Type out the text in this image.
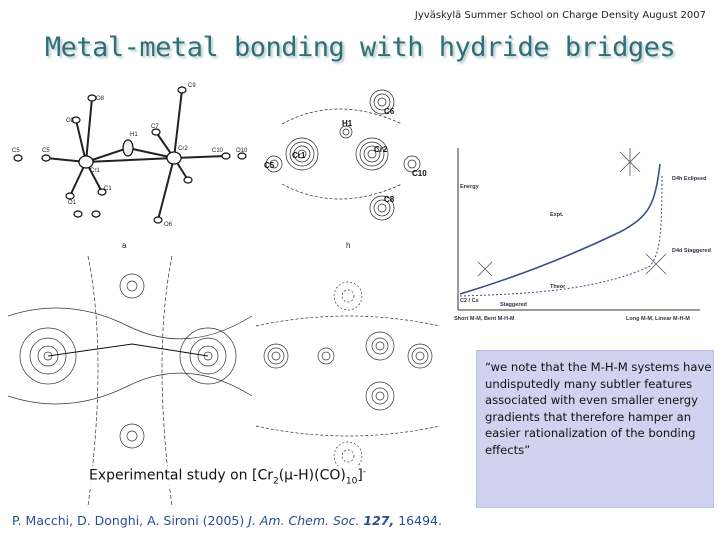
Jyväskylä Summer School on Charge Density August 2007
Metal-metal bonding with hydride bridges
C9
O8
O3
C7
H1
C5	C5	C10 O10
Cr1
Cr2
C1
O1
O6
a
C6
H1
Cr1
Cr2
C5
C10
C8
h
Energy
D4h Eclipsed
Expt.
D4d Staggered
Theor
C2 / Cs
Staggered
Short M-M, Bent M-H-M	Long M-M, Linear M-H-M
Experimental study on $[Cr_2(\mu-H)(CO)_{10}]^-$
“we note that the M-H-M systems have undisputedly many subtler features associated with even smaller energy gradients that therefore hamper an easier rationalization of the bonding effects”
P. Macchi, D. Donghi, A. Sironi (2005) J. Am. Chem. Soc. 127, 16494.
